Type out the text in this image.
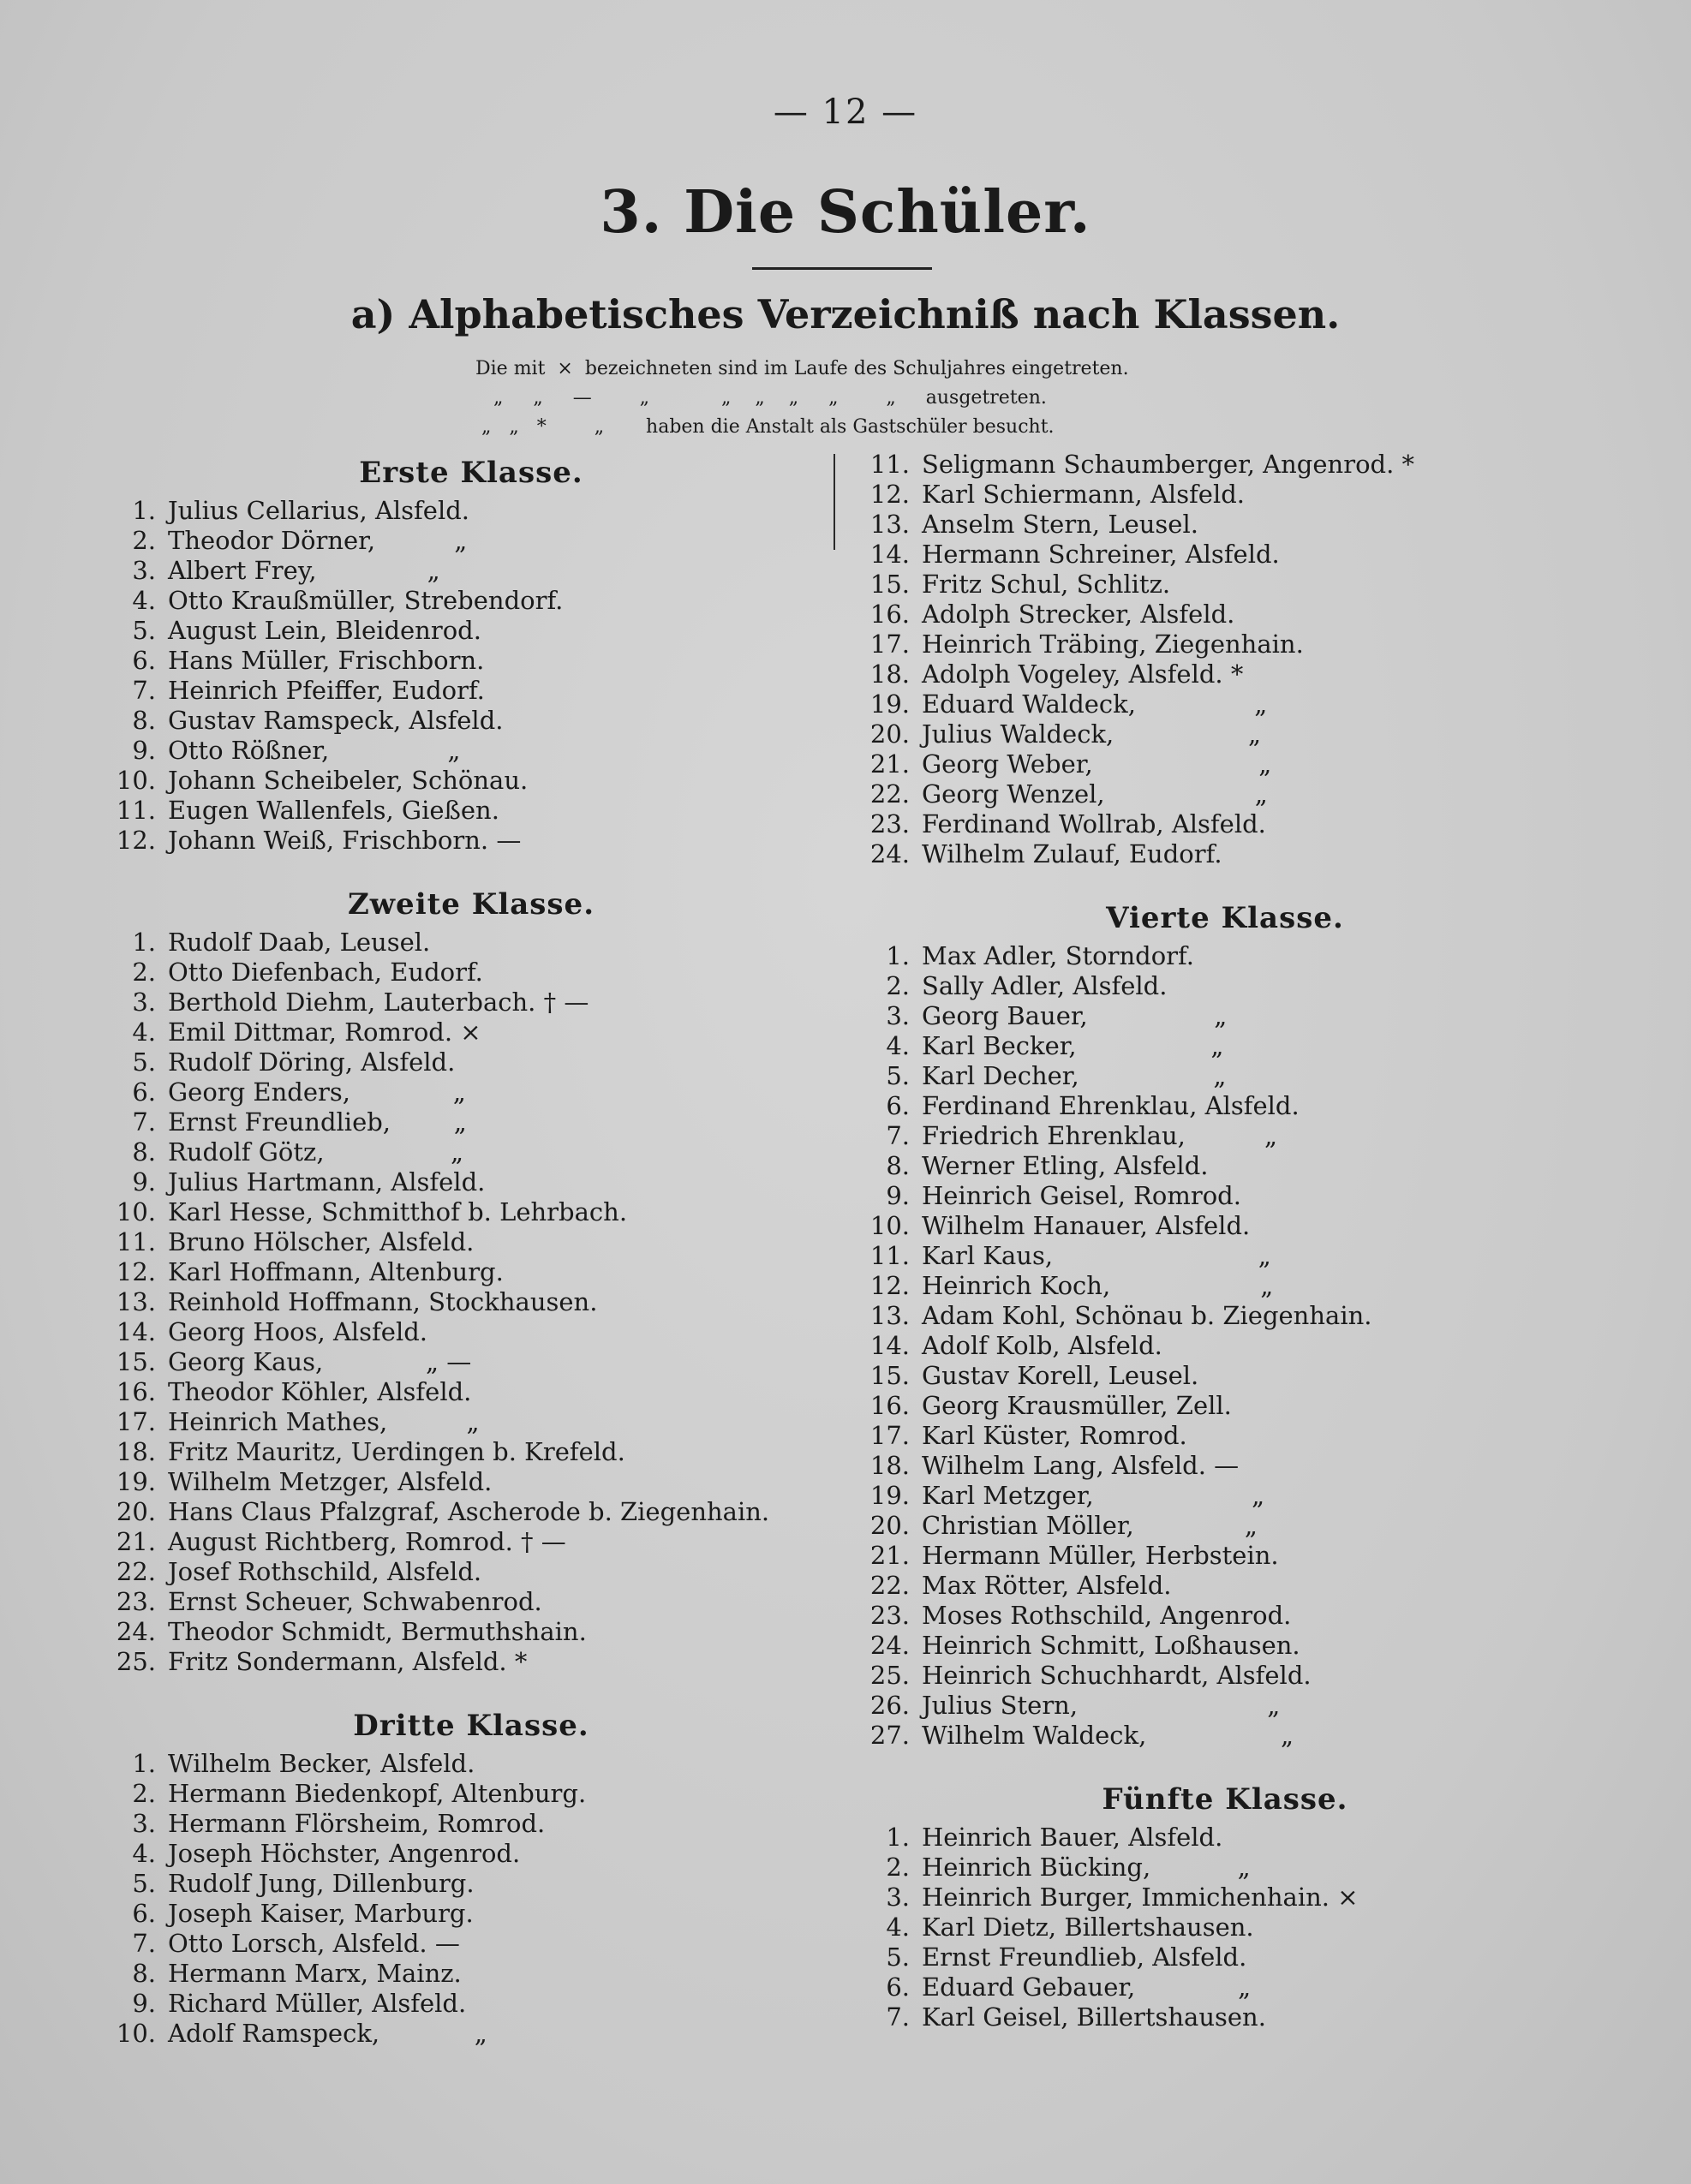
— 12 —
3. Die Schüler.
a) Alphabetisches Verzeichniß nach Klassen.
Die mit  ×  bezeichneten sind im Laufe des Schuljahres eingetreten.
„     „     —        „            „    „    „     „        „     ausgetreten.
„   „   *        „       haben die Anstalt als Gastschüler besucht.
Erste Klasse.
1. Julius Cellarius, Alsfeld.
2. Theodor Dörner,          „
3. Albert Frey,              „
4. Otto Kraußmüller, Strebendorf.
5. August Lein, Bleidenrod.
6. Hans Müller, Frischborn.
7. Heinrich Pfeiffer, Eudorf.
8. Gustav Ramspeck, Alsfeld.
9. Otto Rößner,               „
10. Johann Scheibeler, Schönau.
11. Eugen Wallenfels, Gießen.
12. Johann Weiß, Frischborn. —
Zweite Klasse.
1. Rudolf Daab, Leusel.
2. Otto Diefenbach, Eudorf.
3. Berthold Diehm, Lauterbach. † —
4. Emil Dittmar, Romrod. ×
5. Rudolf Döring, Alsfeld.
6. Georg Enders,             „
7. Ernst Freundlieb,        „
8. Rudolf Götz,                „
9. Julius Hartmann, Alsfeld.
10. Karl Hesse, Schmitthof b. Lehrbach.
11. Bruno Hölscher, Alsfeld.
12. Karl Hoffmann, Altenburg.
13. Reinhold Hoffmann, Stockhausen.
14. Georg Hoos, Alsfeld.
15. Georg Kaus,             „ —
16. Theodor Köhler, Alsfeld.
17. Heinrich Mathes,          „
18. Fritz Mauritz, Uerdingen b. Krefeld.
19. Wilhelm Metzger, Alsfeld.
20. Hans Claus Pfalzgraf, Ascherode b. Ziegenhain.
21. August Richtberg, Romrod. † —
22. Josef Rothschild, Alsfeld.
23. Ernst Scheuer, Schwabenrod.
24. Theodor Schmidt, Bermuthshain.
25. Fritz Sondermann, Alsfeld. *
Dritte Klasse.
1. Wilhelm Becker, Alsfeld.
2. Hermann Biedenkopf, Altenburg.
3. Hermann Flörsheim, Romrod.
4. Joseph Höchster, Angenrod.
5. Rudolf Jung, Dillenburg.
6. Joseph Kaiser, Marburg.
7. Otto Lorsch, Alsfeld. —
8. Hermann Marx, Mainz.
9. Richard Müller, Alsfeld.
10. Adolf Ramspeck,            „
11. Seligmann Schaumberger, Angenrod. *
12. Karl Schiermann, Alsfeld.
13. Anselm Stern, Leusel.
14. Hermann Schreiner, Alsfeld.
15. Fritz Schul, Schlitz.
16. Adolph Strecker, Alsfeld.
17. Heinrich Träbing, Ziegenhain.
18. Adolph Vogeley, Alsfeld. *
19. Eduard Waldeck,               „
20. Julius Waldeck,                 „
21. Georg Weber,                     „
22. Georg Wenzel,                   „
23. Ferdinand Wollrab, Alsfeld.
24. Wilhelm Zulauf, Eudorf.
Vierte Klasse.
1. Max Adler, Storndorf.
2. Sally Adler, Alsfeld.
3. Georg Bauer,                „
4. Karl Becker,                 „
5. Karl Decher,                 „
6. Ferdinand Ehrenklau, Alsfeld.
7. Friedrich Ehrenklau,          „
8. Werner Etling, Alsfeld.
9. Heinrich Geisel, Romrod.
10. Wilhelm Hanauer, Alsfeld.
11. Karl Kaus,                          „
12. Heinrich Koch,                   „
13. Adam Kohl, Schönau b. Ziegenhain.
14. Adolf Kolb, Alsfeld.
15. Gustav Korell, Leusel.
16. Georg Krausmüller, Zell.
17. Karl Küster, Romrod.
18. Wilhelm Lang, Alsfeld. —
19. Karl Metzger,                    „
20. Christian Möller,              „
21. Hermann Müller, Herbstein.
22. Max Rötter, Alsfeld.
23. Moses Rothschild, Angenrod.
24. Heinrich Schmitt, Loßhausen.
25. Heinrich Schuchhardt, Alsfeld.
26. Julius Stern,                        „
27. Wilhelm Waldeck,                 „
Fünfte Klasse.
1. Heinrich Bauer, Alsfeld.
2. Heinrich Bücking,           „
3. Heinrich Burger, Immichenhain. ×
4. Karl Dietz, Billertshausen.
5. Ernst Freundlieb, Alsfeld.
6. Eduard Gebauer,             „
7. Karl Geisel, Billertshausen.
